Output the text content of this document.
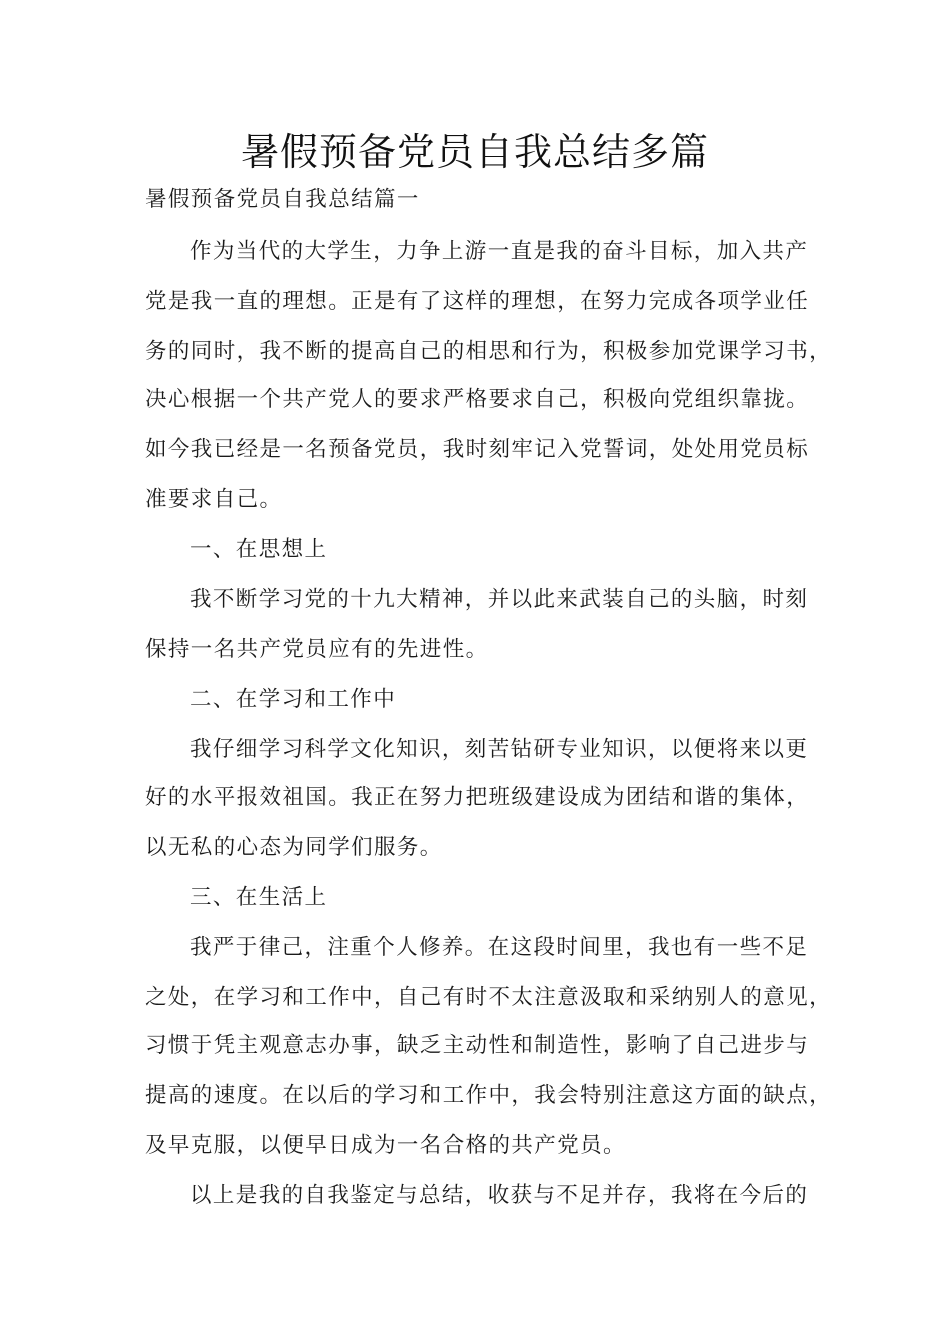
暑假预备党员自我总结多篇

暑假预备党员自我总结篇一

作为当代的大学生，力争上游一直是我的奋斗目标，加入共产

党是我一直的理想。正是有了这样的理想，在努力完成各项学业任

务的同时，我不断的提高自己的相思和行为，积极参加党课学习书，

决心根据一个共产党人的要求严格要求自己，积极向党组织靠拢。

如今我已经是一名预备党员，我时刻牢记入党誓词，处处用党员标

准要求自己。

一、在思想上

我不断学习党的十九大精神，并以此来武装自己的头脑，时刻

保持一名共产党员应有的先进性。

二、在学习和工作中

我仔细学习科学文化知识，刻苦钻研专业知识，以便将来以更

好的水平报效祖国。我正在努力把班级建设成为团结和谐的集体，

以无私的心态为同学们服务。

三、在生活上

我严于律己，注重个人修养。在这段时间里，我也有一些不足

之处，在学习和工作中，自己有时不太注意汲取和采纳别人的意见，

习惯于凭主观意志办事，缺乏主动性和制造性，影响了自己进步与

提高的速度。在以后的学习和工作中，我会特别注意这方面的缺点，

及早克服，以便早日成为一名合格的共产党员。

以上是我的自我鉴定与总结，收获与不足并存，我将在今后的
